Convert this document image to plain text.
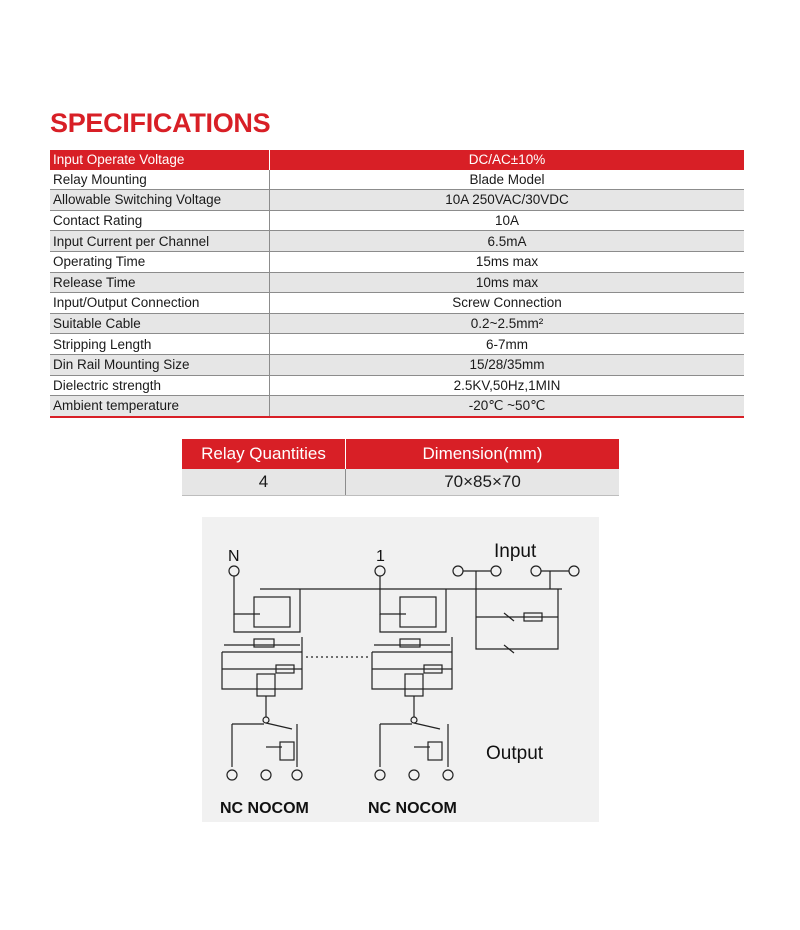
SPECIFICATIONS
Input Operate Voltage	DC/AC±10%
Relay Mounting	Blade Model
Allowable Switching Voltage	10A 250VAC/30VDC
Contact Rating	10A
Input Current per Channel	6.5mA
Operating Time	15ms max
Release Time	10ms max
Input/Output Connection	Screw Connection
Suitable Cable	0.2~2.5mm²
Stripping Length	6-7mm
Din Rail Mounting Size	15/28/35mm
Dielectric strength	2.5KV,50Hz,1MIN
Ambient temperature	-20℃ ~50℃
Relay Quantities	Dimension(mm)
4	70×85×70
N	1	Input
Output
NC NOCOM	NC NOCOM
